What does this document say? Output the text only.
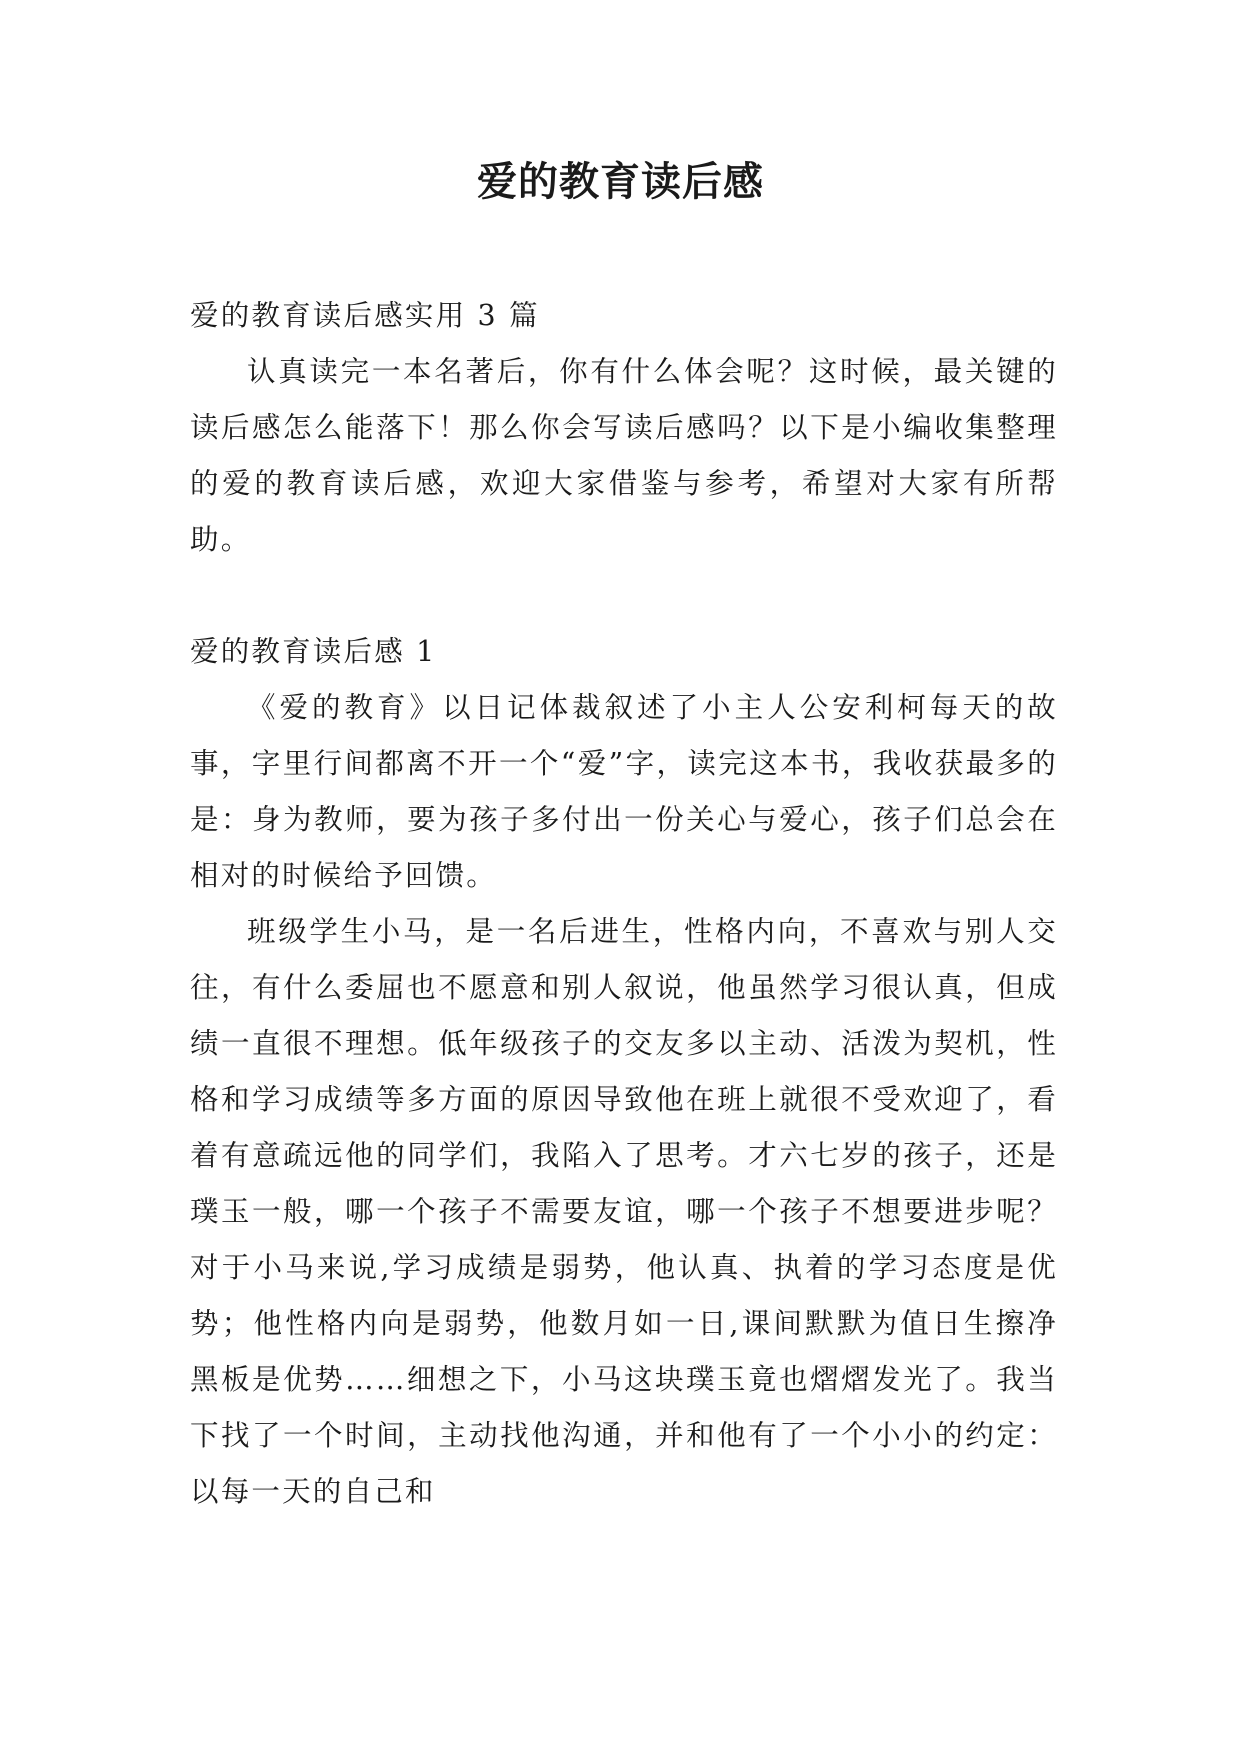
爱的教育读后感

爱的教育读后感实用 3 篇

认真读完一本名著后，你有什么体会呢？这时候，最关键的读后感怎么能落下！那么你会写读后感吗？以下是小编收集整理的爱的教育读后感，欢迎大家借鉴与参考，希望对大家有所帮助。

爱的教育读后感 1

《爱的教育》以日记体裁叙述了小主人公安利柯每天的故事，字里行间都离不开一个“爱”字，读完这本书，我收获最多的是：身为教师，要为孩子多付出一份关心与爱心，孩子们总会在相对的时候给予回馈。

班级学生小马，是一名后进生，性格内向，不喜欢与别人交往，有什么委屈也不愿意和别人叙说，他虽然学习很认真，但成绩一直很不理想。低年级孩子的交友多以主动、活泼为契机，性格和学习成绩等多方面的原因导致他在班上就很不受欢迎了，看着有意疏远他的同学们，我陷入了思考。才六七岁的孩子，还是璞玉一般，哪一个孩子不需要友谊，哪一个孩子不想要进步呢？对于小马来说,学习成绩是弱势，他认真、执着的学习态度是优势；他性格内向是弱势，他数月如一日,课间默默为值日生擦净黑板是优势……细想之下，小马这块璞玉竟也熠熠发光了。我当下找了一个时间，主动找他沟通，并和他有了一个小小的约定：以每一天的自己和
